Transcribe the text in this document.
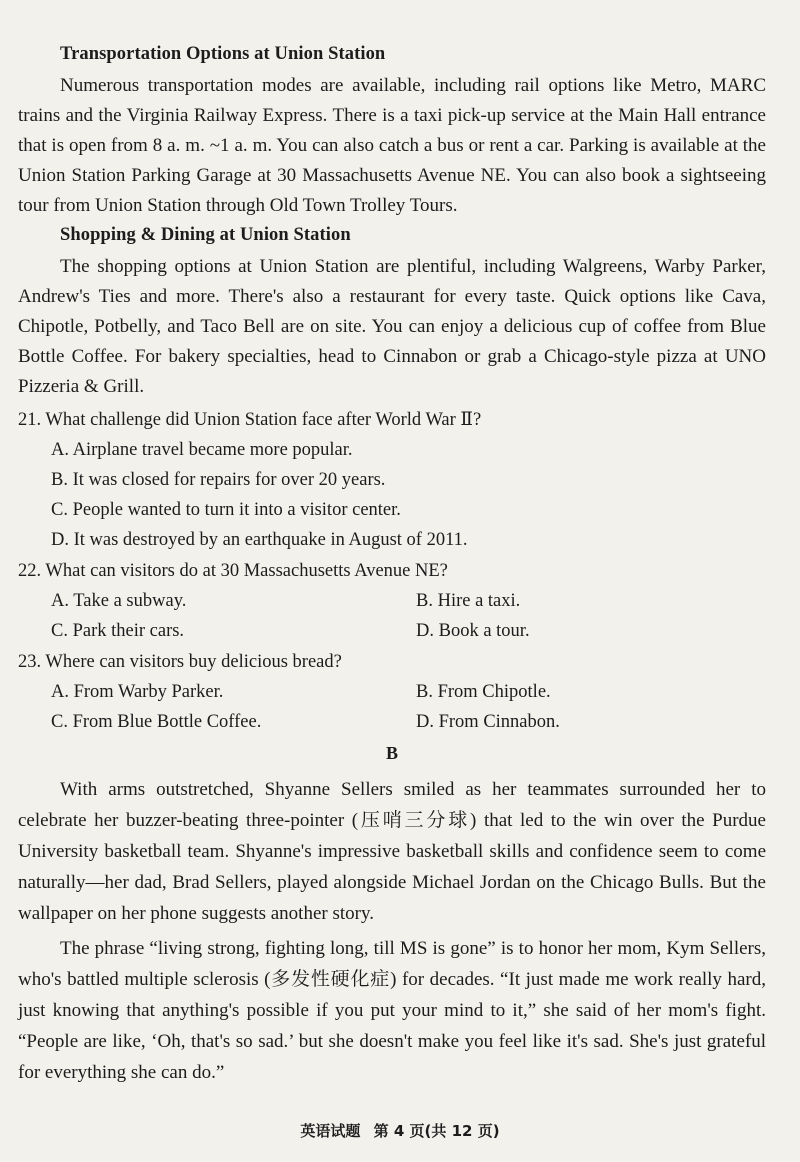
Transportation Options at Union Station

Numerous transportation modes are available, including rail options like Metro, MARC trains and the Virginia Railway Express. There is a taxi pick-up service at the Main Hall entrance that is open from 8 a. m. ~1 a. m. You can also catch a bus or rent a car. Parking is available at the Union Station Parking Garage at 30 Massachusetts Avenue NE. You can also book a sightseeing tour from Union Station through Old Town Trolley Tours.

Shopping & Dining at Union Station

The shopping options at Union Station are plentiful, including Walgreens, Warby Parker, Andrew's Ties and more. There's also a restaurant for every taste. Quick options like Cava, Chipotle, Potbelly, and Taco Bell are on site. You can enjoy a delicious cup of coffee from Blue Bottle Coffee. For bakery specialties, head to Cinnabon or grab a Chicago-style pizza at UNO Pizzeria & Grill.

21. What challenge did Union Station face after World War Ⅱ?
A. Airplane travel became more popular.
B. It was closed for repairs for over 20 years.
C. People wanted to turn it into a visitor center.
D. It was destroyed by an earthquake in August of 2011.
22. What can visitors do at 30 Massachusetts Avenue NE?
A. Take a subway.	B. Hire a taxi.
C. Park their cars.	D. Book a tour.
23. Where can visitors buy delicious bread?
A. From Warby Parker.	B. From Chipotle.
C. From Blue Bottle Coffee.	D. From Cinnabon.
B

With arms outstretched, Shyanne Sellers smiled as her teammates surrounded her to celebrate her buzzer-beating three-pointer (压哨三分球) that led to the win over the Purdue University basketball team. Shyanne's impressive basketball skills and confidence seem to come naturally—her dad, Brad Sellers, played alongside Michael Jordan on the Chicago Bulls. But the wallpaper on her phone suggests another story.

The phrase “living strong, fighting long, till MS is gone” is to honor her mom, Kym Sellers, who's battled multiple sclerosis (多发性硬化症) for decades. “It just made me work really hard, just knowing that anything's possible if you put your mind to it,” she said of her mom's fight. “People are like, ‘Oh, that's so sad.’ but she doesn't make you feel like it's sad. She's just grateful for everything she can do.”

英语试题 第 4 页(共 12 页)
